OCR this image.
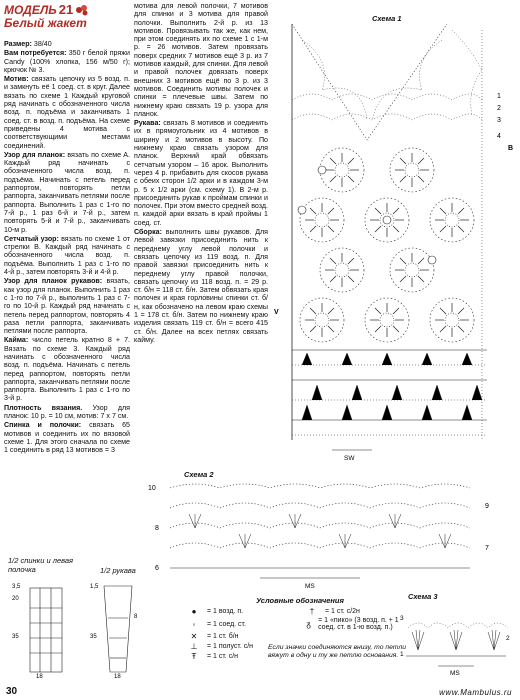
МОДЕЛЬ 21
Белый жакет

Размер: 38/40

Вам потребуется: 350 г белой пряжи Candy (100% хлопка, 156 м/50 г); крючок № 3.

Мотив: связать цепочку из 5 возд. п. и замкнуть её 1 соед. ст. в круг. Далее вязать по схеме 1 Каждый круговой ряд начинать с обозначенного числа возд. п. подъёма и заканчивать 1 соед. ст. в возд. п. подъёма. На схеме приведены 4 мотива с соответствующими местами соединений.

Узор для планок: вязать по схеме А. Каждый ряд начинать с обозначенного числа возд. п. подъёма. Начинать с петель перед раппортом, повторять петли раппорта, заканчивать петлями после раппорта. Выполнить 1 раз с 1-го по 7-й р., 1 раз 6-й и 7-й р., затем повторять 5-й и 7-й р., заканчивать 10-м р.

Сетчатый узор: вязать по схеме 1 от стрелки В. Каждый ряд начинать с обозначенного числа возд. п. подъёма. Выполнить 1 раз с 1-го по 4-й р., затем повторять 3-й и 4-й р.

Узор для планок рукавов: вязать, как узор для планок. Выполнить 1 раз с 1-го по 7-й р., выполнить 1 раз с 7-го по 10-й р. Каждый ряд начинать с петель перед раппортом, повторять 4 раза петли раппорта, заканчивать петлями после раппорта.

Кайма: число петель кратно 8 + 7. Вязать по схеме 3. Каждый ряд начинать с обозначенного числа возд. п. подъёма. Начинать с петель перед раппортом, повторять петли раппорта, заканчивать петлями после раппорта. Выполнить 1 раз с 1-го по 3-й р.

Плотность вязания. Узор для планок: 10 р. = 10 см, мотив: 7 х 7 см.

Спинка и полочки: связать 65 мотивов и соединить их по вязовой схеме 1. Для этого сначала по схеме 1 соединить в ряд 13 мотивов = 3

мотива для левой полочки, 7 мотивов для спинки и 3 мотива для правой полочки. Выполнить 2-й р. из 13 мотивов. Провязывать так же, как нем, при этом соединять их по схеме 1 с 1-м р. = 26 мотивов. Затем провязать поверх средних 7 мотивов ещё 3 р. из 7 мотивов каждый, для спинки. Для левой и правой полочек довязать поверх внешних 3 мотивов ещё по 3 р. из 3 мотивов. Соединить мотивы полочек и спинки = плечевые швы. Затем по нижнему краю связать 19 р. узора для планок.

Рукава: связать 8 мотивов и соединить их в прямоугольник из 4 мотивов в ширину и 2 мотивов в высоту. По нижнему краю связать узором для планок. Верхний край обвязать сетчатым узором – 16 арок. Выполнить через 4 р. прибавить для скосов рукава с обеих сторон 1/2 арки и в каждом 3-м р. 5 х 1/2 арки (см. схему 1). В 2-м р. присоединить рукав к проймам спинки и полочек. При этом вместо средней возд. п. каждой арки вязать в край проймы 1 соед. ст.

Сборка: выполнить швы рукавов. Для левой завязки присоединить нить к переднему углу левой полочки и связать цепочку из 119 возд. п. Для правой завязки присоединить нить к переднему углу правой полочки, связать цепочку из 118 возд. п. = 29 р. ст. б/н = 118 ст. б/н. Затем обвязать края полочек и края горловины спинки ст. б/н, как обозначено на левом краю схемы 1 = 178 ст. б/н. Затем по нижнему краю изделия связать 119 ст. б/н = всего 415 ст. б/н. Далее на всех петлях связать кайму.

Схема 1
SW
1
2
3
4
B
V
Схема 2
10
9
8
7
6
MS
1/2 спинки и левая полочка
3,5
20
35
18
1/2 рукава
1,5
8
35
18
Условные обозначения
●	= 1 возд. п.	†	= 1 ст. с/2н
◦	= 1 соед. ст.	ᵹ	= 1 «пико» (3 возд. п. + 1 соед. ст. в 1-ю возд. п.)
✕	= 1 ст. б/н
⊥	= 1 полуст. с/н
Ŧ	= 1 ст. с/н
Если значки соединяются внизу, то петли вяжут в одну и ту же петлю основания.
Схема 3
3
2
1
MS
30	www.Mambulus.ru
